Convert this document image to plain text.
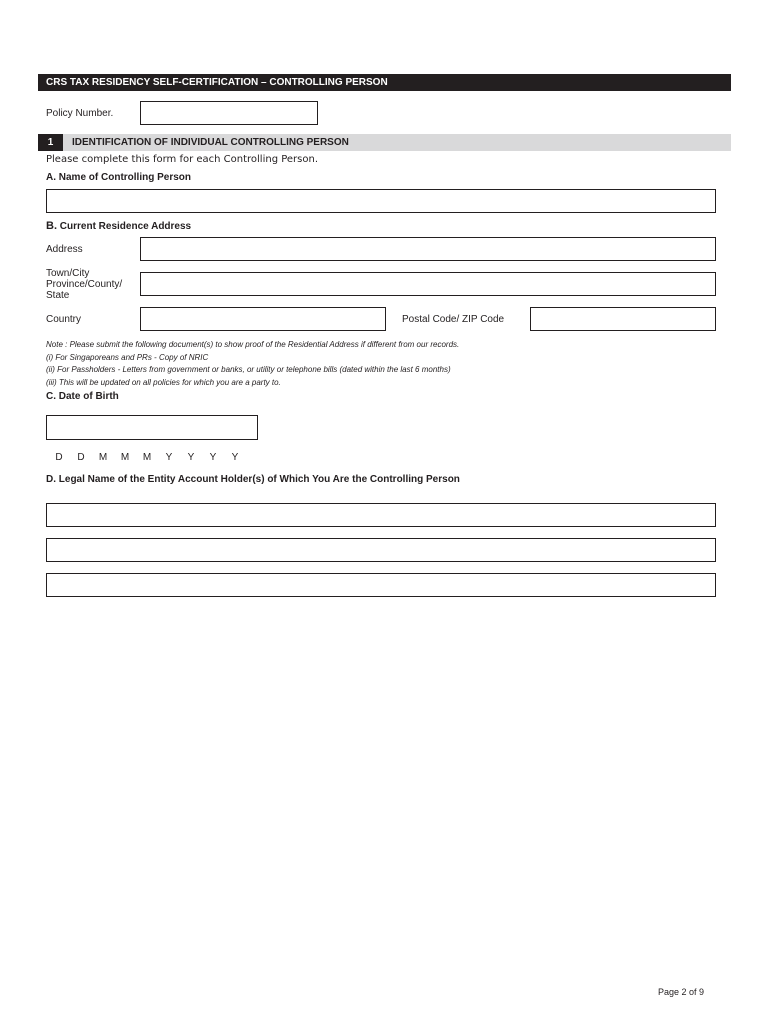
CRS TAX RESIDENCY SELF-CERTIFICATION – CONTROLLING PERSON
Policy Number.
1	IDENTIFICATION OF INDIVIDUAL CONTROLLING PERSON
Please complete this form for each Controlling Person.
A. Name of Controlling Person
B. Current Residence Address
Address
Town/City
Province/County/
State
Country	Postal Code/ ZIP Code
Note : Please submit the following document(s) to show proof of the Residential Address if different from our records.
(i) For Singaporeans and PRs - Copy of NRIC
(ii) For Passholders - Letters from government or banks, or utility or telephone bills (dated within the last 6 months)
(iii) This will be updated on all policies for which you are a party to.
C. Date of Birth
D	D	M	M	M	Y	Y	Y	Y
D. Legal Name of the Entity Account Holder(s) of Which You Are the Controlling Person
Page 2 of 9
